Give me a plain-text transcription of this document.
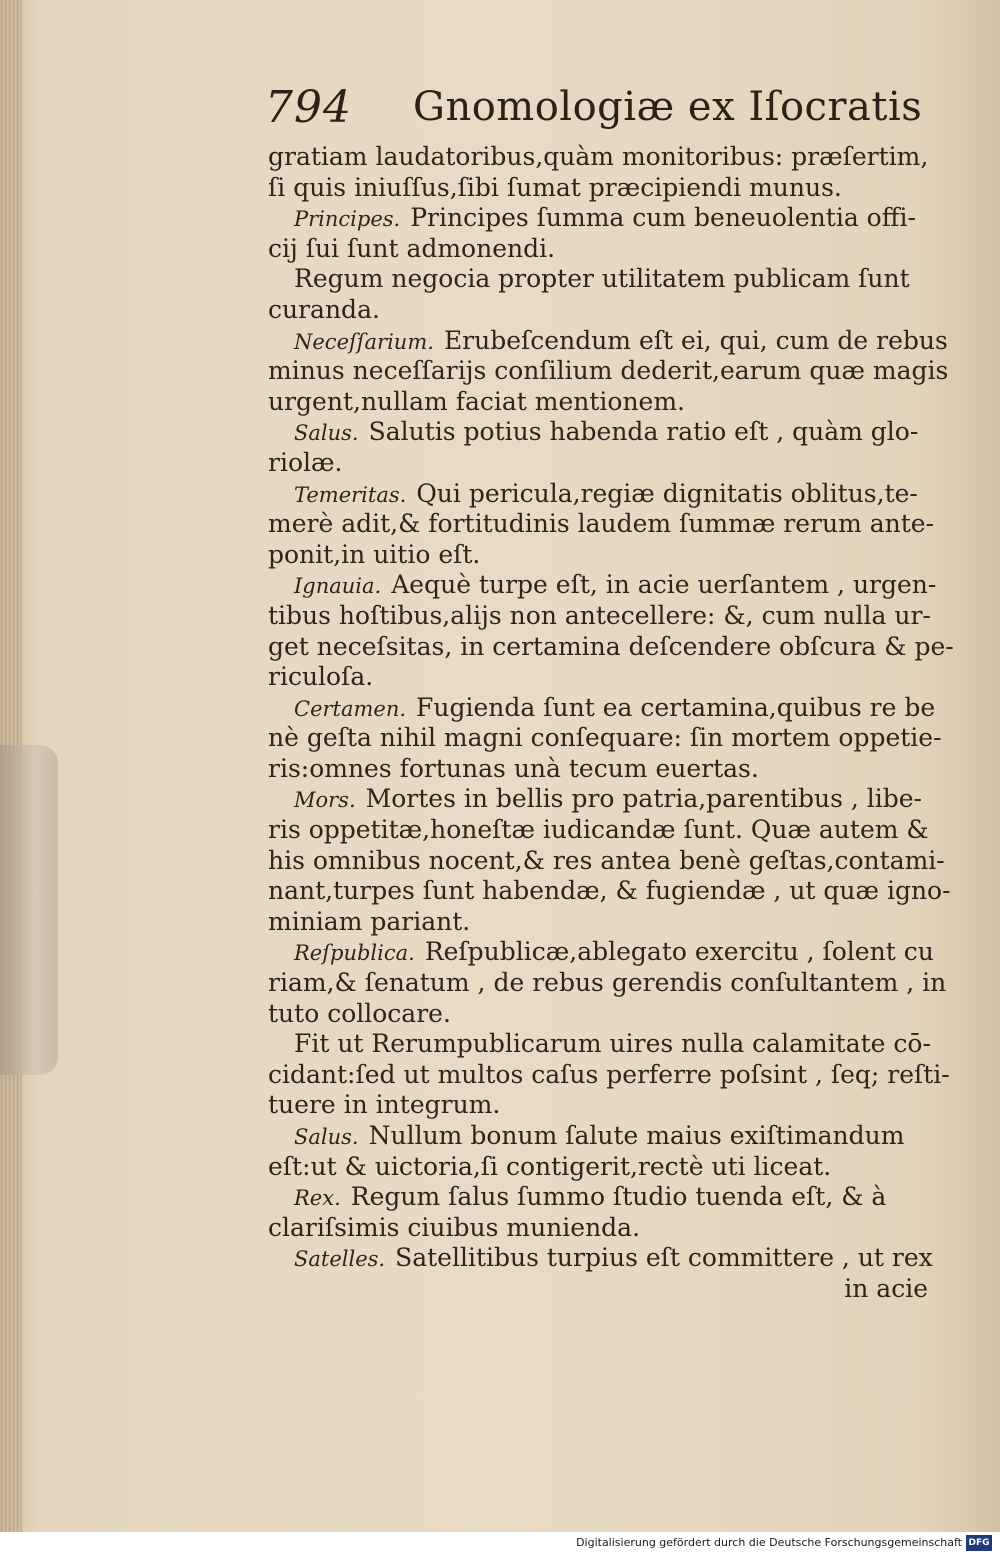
794 Gnomologiæ ex Iſocratis
gratiam laudatoribus,quàm monitoribus: præſertim,
ſi quis iniuſſus,ſibi ſumat præcipiendi munus.
Principes. Principes ſumma cum beneuolentia offi-
cij ſui ſunt admonendi.
Regum negocia propter utilitatem publicam ſunt
curanda.
Neceſſarium. Erubeſcendum eſt ei, qui, cum de rebus
minus neceſſarijs conſilium dederit,earum quæ magis
urgent,nullam faciat mentionem.
Salus. Salutis potius habenda ratio eſt , quàm glo-
riolæ.
Temeritas. Qui pericula,regiæ dignitatis oblitus,te-
merè adit,& fortitudinis laudem ſummæ rerum ante-
ponit,in uitio eſt.
Ignauia. Aequè turpe eſt, in acie uerſantem , urgen-
tibus hoſtibus,alijs non antecellere: &, cum nulla ur-
get neceſsitas, in certamina deſcendere obſcura & pe-
riculoſa.
Certamen. Fugienda ſunt ea certamina,quibus re be
nè geſta nihil magni conſequare: ſin mortem oppetie-
ris:omnes fortunas unà tecum euertas.
Mors. Mortes in bellis pro patria,parentibus , libe-
ris oppetitæ,honeſtæ iudicandæ ſunt. Quæ autem &
his omnibus nocent,& res antea benè geſtas,contami-
nant,turpes ſunt habendæ, & fugiendæ , ut quæ igno-
miniam pariant.
Reſpublica. Reſpublicæ,ablegato exercitu , ſolent cu
riam,& ſenatum , de rebus gerendis conſultantem , in
tuto collocare.
Fit ut Rerumpublicarum uires nulla calamitate cō-
cidant:ſed ut multos caſus perferre poſsint , ſeq; reſti-
tuere in integrum.
Salus. Nullum bonum ſalute maius exiſtimandum
eſt:ut & uictoria,ſi contigerit,rectè uti liceat.
Rex. Regum ſalus ſummo ſtudio tuenda eſt, & à
clariſsimis ciuibus munienda.
Satelles. Satellitibus turpius eſt committere , ut rex
in acie
Digitalisierung gefördert durch die Deutsche Forschungsgemeinschaft DFG
